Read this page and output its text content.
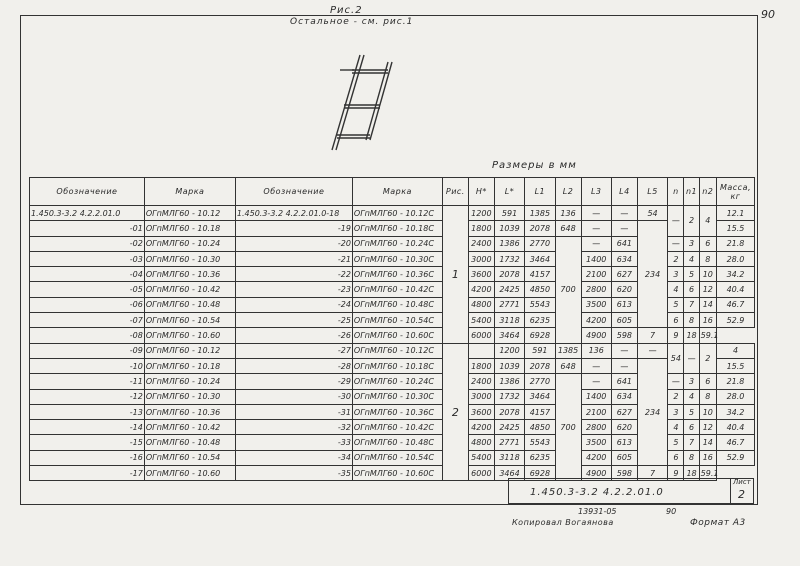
90
Рис.2
Остальное - см. рис.1
Размеры в мм
Обозначение	Марка	Обозначение	Марка	Рис.	Н*	L*	L1	L2	L3	L4	L5	n	n1	n2	Масса, кг
1.450.3-3.2 4.2.2.01.0	ОГпМЛГ60 - 10.12	1.450.3-3.2 4.2.2.01.0-18	ОГпМЛГ60 - 10.12С	1	1200	591	1385	136	—	—	54	—	2	4	12.1
-01	ОГпМЛГ60 - 10.18	-19	ОГпМЛГ60 - 10.18С		1800	1039	2078	648	—	—	234				15.5
-02	ОГпМЛГ60 - 10.24	-20	ОГпМЛГ60 - 10.24С		2400	1386	2770	700	—	641		—	3	6	21.8
-03	ОГпМЛГ60 - 10.30	-21	ОГпМЛГ60 - 10.30С		3000	1732	3464		1400	634		2	4	8	28.0
-04	ОГпМЛГ60 - 10.36	-22	ОГпМЛГ60 - 10.36С		3600	2078	4157		2100	627		3	5	10	34.2
-05	ОГпМЛГ60 - 10.42	-23	ОГпМЛГ60 - 10.42С		4200	2425	4850		2800	620		4	6	12	40.4
-06	ОГпМЛГ60 - 10.48	-24	ОГпМЛГ60 - 10.48С		4800	2771	5543		3500	613		5	7	14	46.7
-07	ОГпМЛГ60 - 10.54	-25	ОГпМЛГ60 - 10.54С		5400	3118	6235		4200	605		6	8	16	52.9
-08	ОГпМЛГ60 - 10.60	-26	ОГпМЛГ60 - 10.60С		6000	3464	6928		4900	598	7	9	18	59.1	
-09	ОГпМЛГ60 - 10.12	-27	ОГпМЛГ60 - 10.12С	2		1200	591	1385	136	—	—	54	—	2	4
-10	ОГпМЛГ60 - 10.18	-28	ОГпМЛГ60 - 10.18С		1800	1039	2078	648	—	—	234				15.5
-11	ОГпМЛГ60 - 10.24	-29	ОГпМЛГ60 - 10.24С		2400	1386	2770	700	—	641		—	3	6	21.8
-12	ОГпМЛГ60 - 10.30	-30	ОГпМЛГ60 - 10.30С		3000	1732	3464		1400	634		2	4	8	28.0
-13	ОГпМЛГ60 - 10.36	-31	ОГпМЛГ60 - 10.36С		3600	2078	4157		2100	627		3	5	10	34.2
-14	ОГпМЛГ60 - 10.42	-32	ОГпМЛГ60 - 10.42С		4200	2425	4850		2800	620		4	6	12	40.4
-15	ОГпМЛГ60 - 10.48	-33	ОГпМЛГ60 - 10.48С		4800	2771	5543		3500	613		5	7	14	46.7
-16	ОГпМЛГ60 - 10.54	-34	ОГпМЛГ60 - 10.54С		5400	3118	6235		4200	605		6	8	16	52.9
-17	ОГпМЛГ60 - 10.60	-35	ОГпМЛГ60 - 10.60С		6000	3464	6928		4900	598	7	9	18	59.1	
1.450.3-3.2 4.2.2.01.0
Лист
2
13931-05	90
Копировал Вогаянова	Формат А3
